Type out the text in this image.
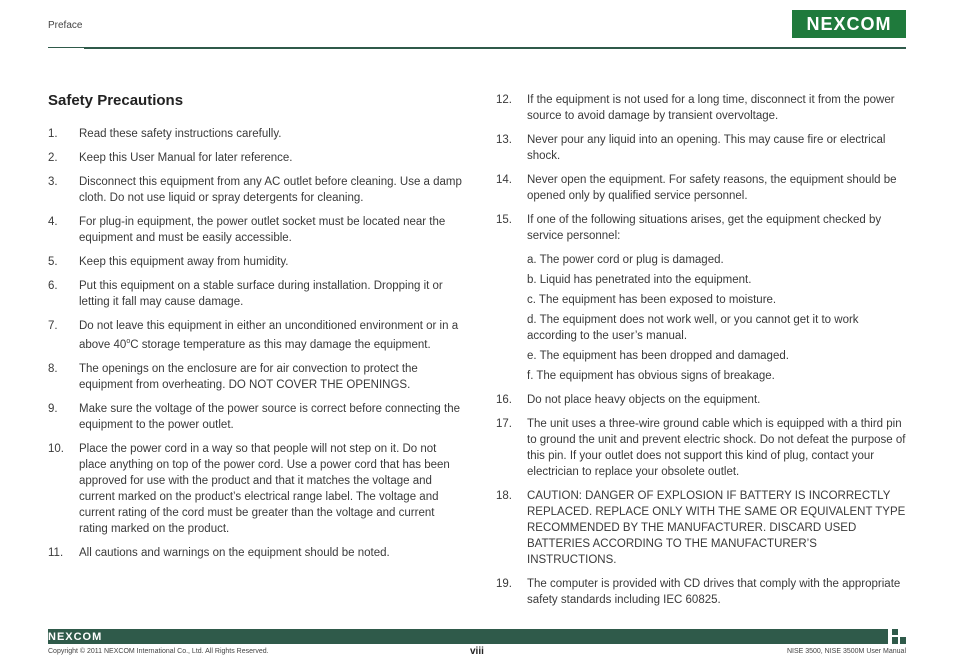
Preface	NEXCOM
Safety Precautions
1.	Read these safety instructions carefully.
2.	Keep this User Manual for later reference.
3.	Disconnect this equipment from any AC outlet before cleaning. Use a damp cloth. Do not use liquid or spray detergents for cleaning.
4.	For plug-in equipment, the power outlet socket must be located near the equipment and must be easily accessible.
5.	Keep this equipment away from humidity.
6.	Put this equipment on a stable surface during installation. Dropping it or letting it fall may cause damage.
7.	Do not leave this equipment in either an unconditioned environment or in a above 40$^o$C storage temperature as this may damage the equipment.
8.	The openings on the enclosure are for air convection to protect the equipment from overheating. DO NOT COVER THE OPENINGS.
9.	Make sure the voltage of the power source is correct before connecting the equipment to the power outlet.
10.	Place the power cord in a way so that people will not step on it. Do not place anything on top of the power cord. Use a power cord that has been approved for use with the product and that it matches the voltage and current marked on the product’s electrical range label. The voltage and current rating of the cord must be greater than the voltage and current rating marked on the product.
11.	All cautions and warnings on the equipment should be noted.
12.	If the equipment is not used for a long time, disconnect it from the power source to avoid damage by transient overvoltage.
13.	Never pour any liquid into an opening. This may cause fire or electrical shock.
14.	Never open the equipment. For safety reasons, the equipment should be opened only by qualified service personnel.
15.	If one of the following situations arises, get the equipment checked by service personnel:
a. The power cord or plug is damaged.
b. Liquid has penetrated into the equipment.
c. The equipment has been exposed to moisture.
d. The equipment does not work well, or you cannot get it to work according to the user’s manual.
e. The equipment has been dropped and damaged.
f. The equipment has obvious signs of breakage.
16.	Do not place heavy objects on the equipment.
17.	The unit uses a three-wire ground cable which is equipped with a third pin to ground the unit and prevent electric shock. Do not defeat the purpose of this pin. If your outlet does not support this kind of plug, contact your electrician to replace your obsolete outlet.
18.	CAUTION: DANGER OF EXPLOSION IF BATTERY IS INCORRECTLY REPLACED. REPLACE ONLY WITH THE SAME OR EQUIVALENT TYPE RECOMMENDED BY THE MANUFACTURER. DISCARD USED BATTERIES ACCORDING TO THE MANUFACTURER’S INSTRUCTIONS.
19.	The computer is provided with CD drives that comply with the appropriate safety standards including IEC 60825.
NEXCOM
Copyright © 2011 NEXCOM International Co., Ltd. All Rights Reserved.	viii	NISE 3500, NISE 3500M User Manual
